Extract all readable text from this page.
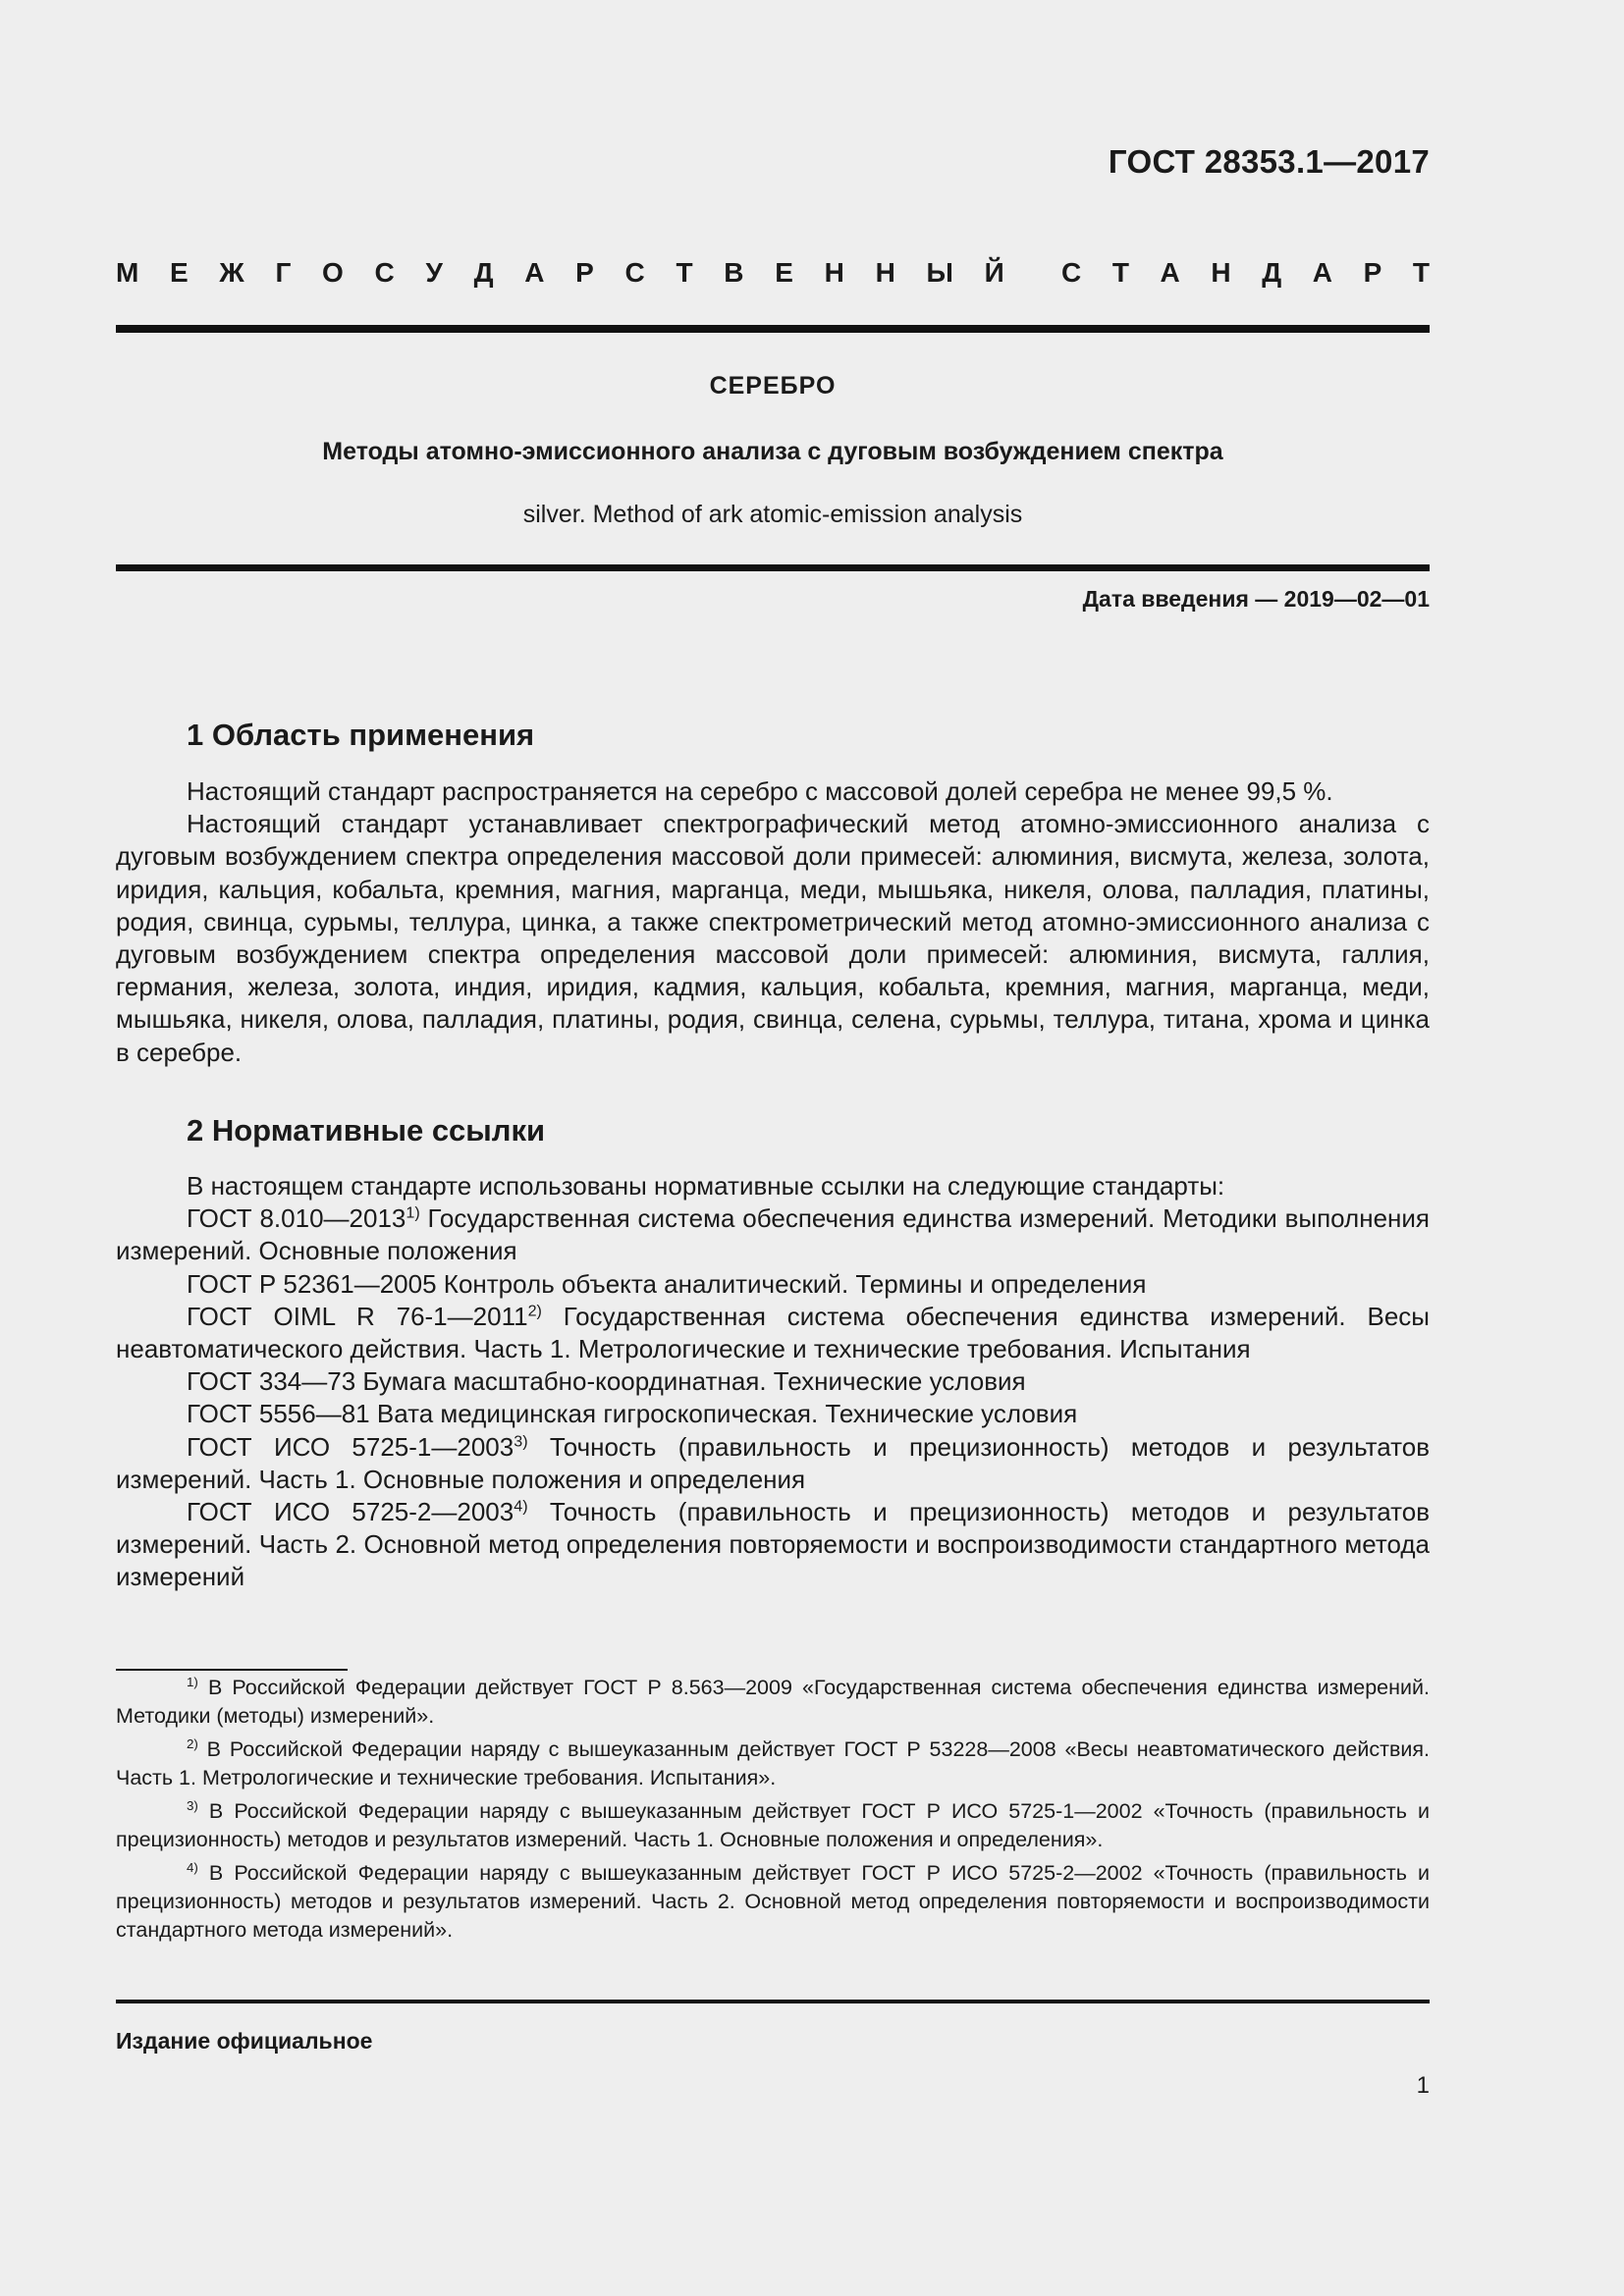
ГОСТ 28353.1—2017
М Е Ж Г О С У Д А Р С Т В Е Н Н Ы Й С Т А Н Д А Р Т
СЕРЕБРО
Методы атомно-эмиссионного анализа с дуговым возбуждением спектра
silver. Method of ark atomic-emission analysis
Дата введения — 2019—02—01
1 Область применения

Настоящий стандарт распространяется на серебро с массовой долей серебра не менее 99,5 %.

Настоящий стандарт устанавливает спектрографический метод атомно-эмиссионного анализа с дуговым возбуждением спектра определения массовой доли примесей: алюминия, висмута, железа, золота, иридия, кальция, кобальта, кремния, магния, марганца, меди, мышьяка, никеля, олова, палладия, платины, родия, свинца, сурьмы, теллура, цинка, а также спектрометрический метод атомно-эмиссионного анализа с дуговым возбуждением спектра определения массовой доли примесей: алюминия, висмута, галлия, германия, железа, золота, индия, иридия, кадмия, кальция, кобальта, кремния, магния, марганца, меди, мышьяка, никеля, олова, палладия, платины, родия, свинца, селена, сурьмы, теллура, титана, хрома и цинка в серебре.

2 Нормативные ссылки

В настоящем стандарте использованы нормативные ссылки на следующие стандарты:

ГОСТ 8.010—2013$^{1)}$ Государственная система обеспечения единства измерений. Методики выполнения измерений. Основные положения

ГОСТ Р 52361—2005 Контроль объекта аналитический. Термины и определения

ГОСТ OIML R 76-1—2011$^{2)}$ Государственная система обеспечения единства измерений. Весы неавтоматического действия. Часть 1. Метрологические и технические требования. Испытания

ГОСТ 334—73 Бумага масштабно-координатная. Технические условия

ГОСТ 5556—81 Вата медицинская гигроскопическая. Технические условия

ГОСТ ИСО 5725-1—2003$^{3)}$ Точность (правильность и прецизионность) методов и результатов измерений. Часть 1. Основные положения и определения

ГОСТ ИСО 5725-2—2003$^{4)}$ Точность (правильность и прецизионность) методов и результатов измерений. Часть 2. Основной метод определения повторяемости и воспроизводимости стандартного метода измерений

$^{1)}$ В Российской Федерации действует ГОСТ Р 8.563—2009 «Государственная система обеспечения единства измерений. Методики (методы) измерений».

$^{2)}$ В Российской Федерации наряду с вышеуказанным действует ГОСТ Р 53228—2008 «Весы неавтоматического действия. Часть 1. Метрологические и технические требования. Испытания».

$^{3)}$ В Российской Федерации наряду с вышеуказанным действует ГОСТ Р ИСО 5725-1—2002 «Точность (правильность и прецизионность) методов и результатов измерений. Часть 1. Основные положения и определения».

$^{4)}$ В Российской Федерации наряду с вышеуказанным действует ГОСТ Р ИСО 5725-2—2002 «Точность (правильность и прецизионность) методов и результатов измерений. Часть 2. Основной метод определения повторяемости и воспроизводимости стандартного метода измерений».

Издание официальное
1
